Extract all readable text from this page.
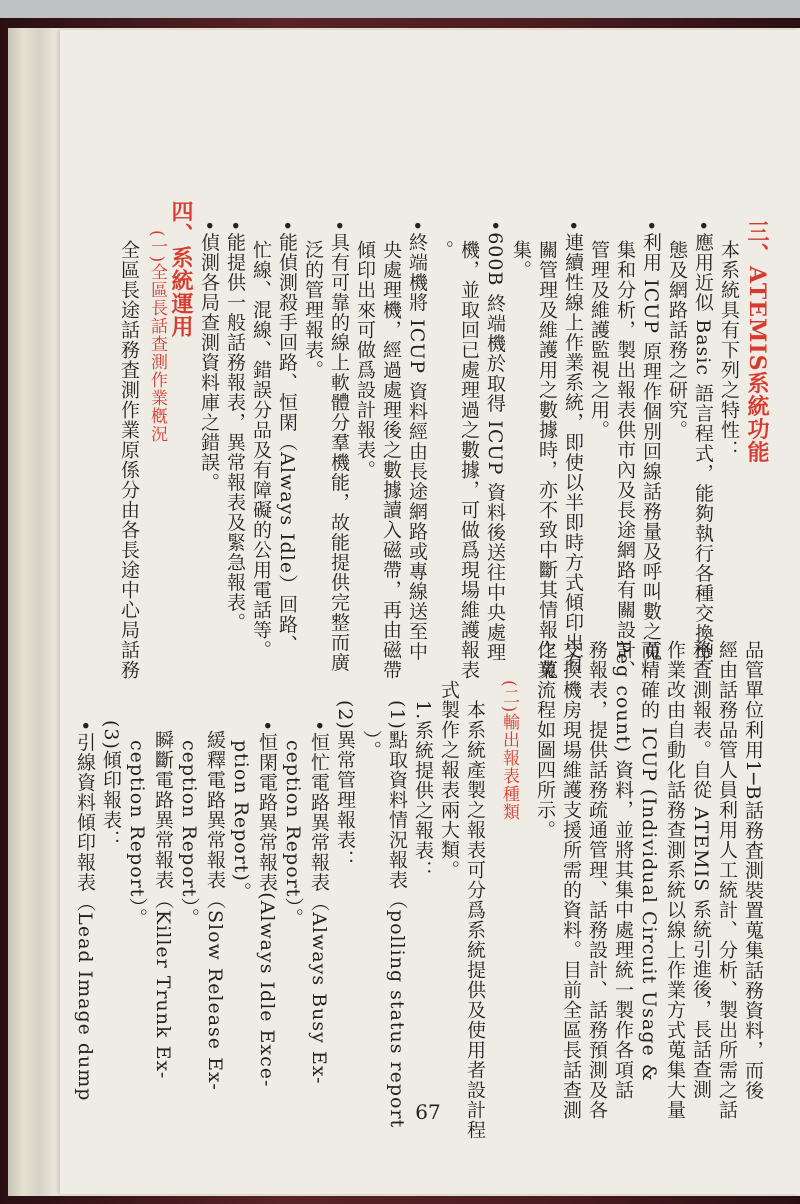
三、ATEMIS系統功能
本系統具有下列之特性：
•應用近似 Basic 語言程式，能夠執行各種交換型
態及網路話務之研究。
•利用 ICUP 原理作個別回線話務量及呼叫數之蒐
集和分析，製出報表供市內及長途網路有關設計、
管理及維護監視之用。
•連續性線上作業系統，即使以半即時方式傾印出有
關管理及維護用之數據時，亦不致中斷其情報之蒐
集。
•600B 終端機於取得 ICUP 資料後送往中央處理
機，並取回已處理過之數據，可做爲現場維護報表
。
•終端機將 ICUP 資料經由長途網路或專線送至中
央處理機，經過處理後之數據讀入磁帶，再由磁帶
傾印出來可做爲設計報表。
•具有可靠的線上軟體分羣機能，故能提供完整而廣
泛的管理報表。
•能偵測殺手回路、恒閑（Always Idle）回路、
忙線、混線、錯誤分品及有障礙的公用電話等。
•能提供一般話務報表，異常報表及緊急報表。
•偵測各局查測資料庫之錯誤。
四、系統運用
(一)全區長話查測作業槪況
全區長途話務査測作業原係分由各長途中心局話務
品管單位利用1─B話務査測裝置蒐集話務資料，而後
經由話務品管人員利用人工統計、分析、製出所需之話
務査測報表。自從 ATEMIS 系統引進後，長話查測
作業改由自動化話務查測系統以線上作業方式蒐集大量
而精確的 ICUP (Individual Circuit Usage &
Peg count) 資料，並將其集中處理統一製作各項話
務報表，提供話務疏通管理、話務設計、話務預測及各
交換機房現場維護支援所需的資料。目前全區長話查測
作業流程如圖四所示。
(二)輸出報表種類
本系統產製之報表可分爲系統提供及使用者設計程
式製作之報表兩大類。
1.系統提供之報表：
(1)點取資料情況報表（polling status report
）。
(2)異常管理報表：
•恒忙電路異常報表（Always Busy Ex-
ception Report）。
•恒閑電路異常報表(Always Idle Exce-
ption Report)。
緩釋電路異常報表（Slow Release Ex-
ception Report）。
瞬斷電路異常報表（Killer Trunk Ex-
ception Report）。
(3)傾印報表：
•引線資料傾印報表（Lead Image dump
67
